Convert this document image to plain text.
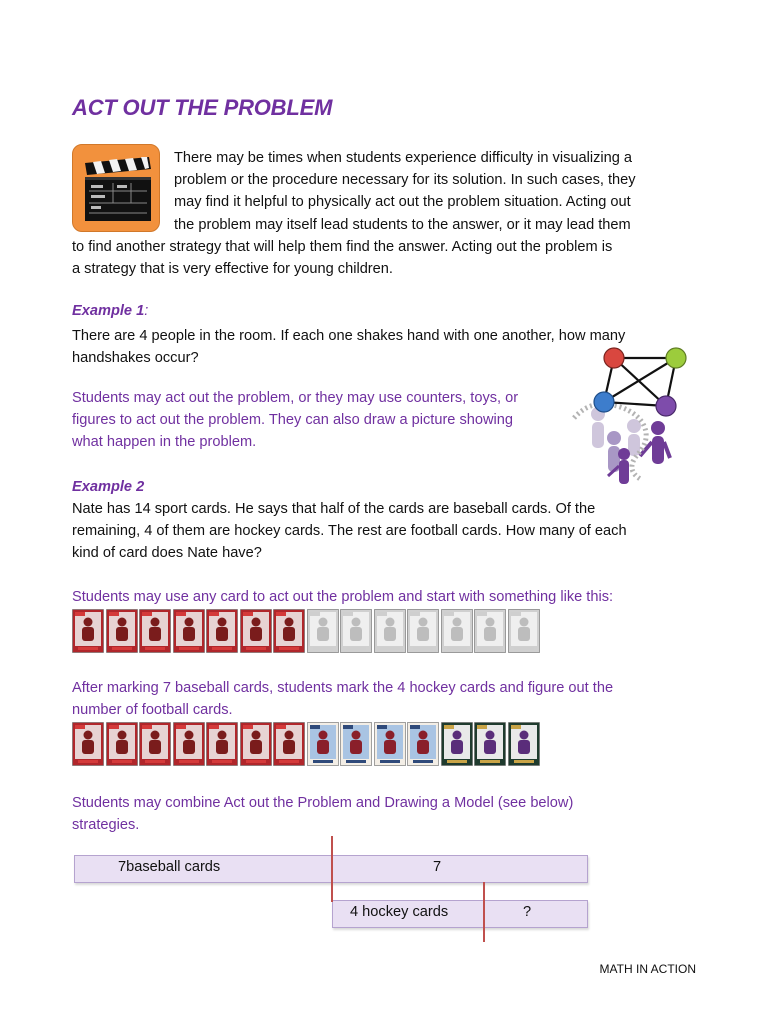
ACT OUT THE PROBLEM
There may be times when students experience difficulty in visualizing a
problem or the procedure necessary for its solution. In such cases, they
may find it helpful to physically act out the problem situation. Acting out
the problem may itself lead students to the answer, or it may lead them
to find another strategy that will help them find the answer. Acting out the problem is
a strategy that is very effective for young children.
Example 1:
There are 4 people in the room. If each one shakes hand with one another, how many
handshakes occur?
Students may act out the problem, or they may use counters, toys, or
figures to act out the problem. They can also draw a picture showing
what happen in the problem.
Example 2
Nate has 14 sport cards. He says that half of the cards are baseball cards. Of the
remaining, 4 of them are hockey cards. The rest are football cards. How many of each
kind of card does Nate have?
Students may use any card to act out the problem and start with something like this:
After marking 7 baseball cards, students mark the 4 hockey cards and figure out the
number of football cards.
Students may combine Act out the Problem and Drawing a Model (see below)
strategies.
7baseball cards	7
4 hockey cards	?
MATH IN ACTION
